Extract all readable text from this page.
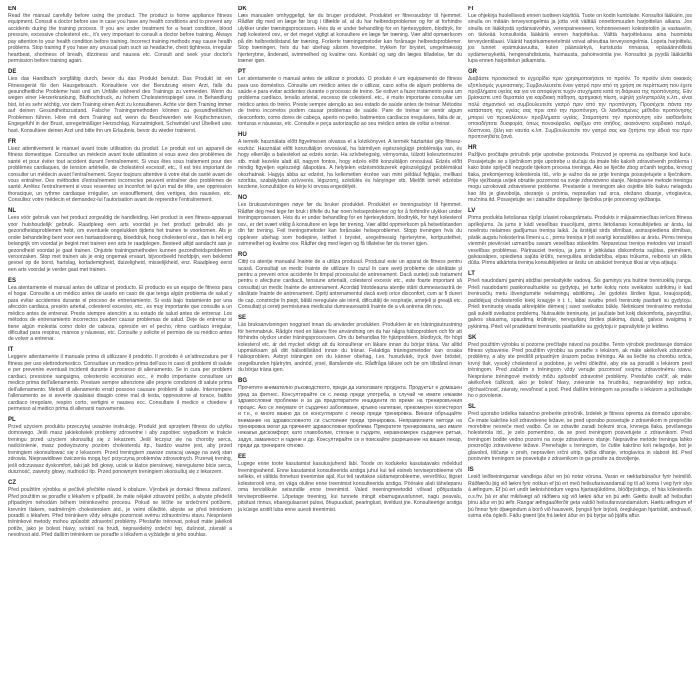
EN
Read the manual carefully before using the product. The product is home appliance fitness equipment. Consult a doctor before use in case you have any health conditions and to prevent any accidents during the training process. If you are under treatment for a heart condition, blood pressure, excessive cholesterol etc., it's very important to consult a doctor before training. Always pay attention to your health condition before training. Incorrect training methods may cause health problems. Stop training if you have any unusual pain such as headache, chest tightness, irregular heartbeat, shortness of breath, dizziness and nausea etc. Consult and seek your doctor's permission before training again.
DE
Lies das Handbuch sorgfältig durch, bevor du das Produkt benutzt. Das Produkt ist ein Fitnessgerät für den Hausgebrauch. Konsultiere vor der Benutzung einen Arzt, falls du gesundheitliche Probleme hast und um Unfälle während des Trainings zu vermeiden. Wenn du wegen einer Herzerkrankung, Bluthochdruck, zu hohem Cholesterinspiegel usw. in Behandlung bist, ist es sehr wichtig, vor dem Training einen Arzt zu konsultieren. Achte vor dem Training immer auf deinen Gesundheitszustand. Falsche Trainingsmethoden können zu gesundheitlichen Problemen führen. Höre mit dem Training auf, wenn du Beschwerden wie Kopfschmerzen, Engegefühl in der Brust, unregelmäßiger Herzschlag, Kurzatmigkeit, Schwindel und Übelkeit usw. hast. Konsultiere deinen Arzt und bitte ihn um Erlaubnis, bevor du wieder trainierst.
FR
Lisez attentivement le manuel avant toute utilisation du produit. Le produit est un appareil de fitness domestique. Consultez un médecin avant toute utilisation si vous avez des problèmes de santé et pour éviter tout accident durant l'entraînement. Si vous êtes sous traitement pour des problèmes cardiaques, de tension artérielle, de cholestérol excessif, etc., il est très important de consulter un médecin avant l'entraînement. Soyez toujours attentive à votre état de santé avant de vous entraîner. Des méthodes d'entraînement incorrectes peuvent entraîner des problèmes de santé. Arrêtez l'entraînement si vous ressentez un inconfort tel qu'un mal de tête, une oppression thoracique, un rythme cardiaque irrégulier, un essoufflement, des vertiges, des nausées, etc. Consultez votre médecin et demandez-lui l'autorisation avant de reprendre l'entraînement.
NL
Lees vóór gebruik van het product zorgvuldig de handleiding. Het product is een fitness-apparaat voor huishoudelijk gebruik. Raadpleeg een arts voordat je het product gebruikt als je gezondheidsproblemen hebt, om eventuele ongelukken tijdens het trainen te voorkomen. Als je onder behandeling bent voor een hartaandoening, bloeddruk, hoog cholesterol enz., dan is het erg belangrijk om voordat je begint met trainen een arts te raadplegen. Besteed altijd aandacht aan je gezondheid voordat je gaat trainen. Onjuiste trainingsmethoden kunnen gezondheidsproblemen veroorzaken. Stop met trainen als je enig ongemak ervaart, bijvoorbeeld hoofdpijn, een beklemd gevoel op de borst, hartslag, kortademigheid, duizeligheid, misselijkheid, enz. Raadpleeg eerst een arts voordat je verder gaat met trainen.
ES
Lea atentamente el manual antes de utilizar el producto. El producto es un equipo de fitness para el hogar. Consulte a un médico antes de usarlo en caso de que tenga algún problema de salud y para evitar accidentes durante el proceso de entrenamiento. Si está bajo tratamiento por una afección cardiaca, presión arterial, colesterol excesivo, etc., es muy importante que consulte a un médico antes de entrenar. Preste siempre atención a su estado de salud antes de entrenar. Los métodos de entrenamiento incorrectos pueden causar problemas de salud. Deje de entrenar si tiene algún molestia como dolor de cabeza, opresión en el pecho, ritmo cardíaco irregular, dificultad para respirar, mareos y náuseas, etc. Consulte y solicite el permiso de su médico antes de volver a entrenar.
IT
Leggere attentamente il manuale prima di utilizzare il prodotto. Il prodotto è un'attrezzatura per il fitness per uso elettrodomestico. Consultare un medico prima dell'uso in caso di problemi di salute e per prevenire eventuali incidenti durante il processo di allenamento. Se in cura per problemi cardiaci, pressione sanguigna, colesterolo eccessivo ecc., è molto importante consultare un medico prima dell'allenamento. Prestare sempre attenzione alle proprie condizioni di salute prima dell'allenamento. Metodi di allenamento errati possono causare problemi di salute. Interrompere l'allenamento se si avverte qualsiasi disagio come mal di testa, oppressione al torace, battito cardiaco irregolare, respiro corto, vertigini e nausea ecc. Consultare il medico e chiedere il permesso al medico prima di allenarsi nuovamente.
PL
Przed użyciem produktu przeczytaj uważnie instrukcję. Produkt jest sprzętem fitness do użytku domowego. Jeśli masz jakiekolwiek problemy zdrowotne i aby zapobiec wypadkom w trakcie treningu przed użyciem skonsultuj się z lekarzem. Jeśli leczysz się na choroby serca, nadciśnienie, masz podwyższony poziom cholesterolu itp., bardzo ważne jest, aby przed treningiem skonsultować się z lekarzem. Przed treningiem zawsze zwracaj uwagę na swój stan zdrowia. Nieprawidłowe ćwiczenia mogą być przyczyną problemów zdrowotnych. Przerwij trening, jeśli odczuwasz dyskomfort, taki jak ból głowy, ucisk w klatce piersiowej, nieregularne bicie serca, duszność, zawroty głowy, nudności itp. Przed ponownym treningiem skonsultuj się z lekarzem.
CZ
Před použitím výrobku si pečlivě přečtěte návod k obsluze. Výrobek je domácí fitness zařízení. Před použitím se poraďte s lékařem v případě, že máte nějaké zdravotní potíže, a abyste předešli případným nehodám během tréninkového procesu. Pokud se léčíte se srdečními potížemi, krevním tlakem, nadměrným cholesterolem atd., je velmi důležité, abyste se před tréninkem poradili s lékařem. Před tréninkem vždy věnujte pozornost svému zdravotnímu stavu. Nesprávné tréninkové metody mohou způsobit zdravotní problémy. Přestaňte trénovat, pokud máte jakékoli potíže, jako je bolest hlavy, svírání na hrudi, nepravidelný srdeční tep, dušnost, závratě a nevolnost atd. Před dalším tréninkem se poraďte s lékařem a vyžádejte si jeho souhlas.
DK
Læs manualen omhyggeligt, før du bruger produktet. Produktet er fitnessudstyr til hjemmet. Rådfør dig med en læge før brug i tilfælde af, at du har helbredsproblemer og for at forhindre ulykker under træningsprocessen. Hvis du er under behandling for en hjertesygdom, blodtryk, for højt kolesterol osv., er det meget vigtigt at konsultere en læge før træning. Vær altid opmærksom på din helbredstilstand før træning. Forkerte træningsmetoder kan forårsage helbredsproblemer. Stop træningen, hvis du har ubehag såsom hovedpine, trykken for brystet, uregelmæssig hjerterytme, åndenød, svimmelhed og kvalme osv. Kontakt og søg din læges tilladelse, før du træner igen.
PT
Ler atentamente o manual antes de utilizar o produto. O produto é um equipamento de fitness para uso doméstico. Consulte um médico antes de o utilizar, caso sofra de algum problema de saúde e para evitar acidentes durante o processo de treino. Se estiver a fazer tratamento para um problema cardíaco, tensão arterial, excesso de colesterol, etc., é muito importante consultar um médico antes do treino. Preste sempre atenção ao seu estado de saúde antes de treinar. Métodos de treino incorretos podem causar problemas de saúde. Pare de treinar se sentir algum desconforto, como dores de cabeça, aperto no peito, batimentos cardíacos irregulares, falta de ar, tonturas e náuseas, etc. Consulte e peça autorização ao seu médico antes de voltar a treinar.
HU
A termék használata előtt figyelmesen olvassa el a kézikönyvet. A termék háztartási gép fitnesz-eszköz. Használat előtt konzultáljon orvosával, ha bármilyen egészségügyi problémája van, és hogy elkerülje a balesteket az edzés során. Ha szívbetegség, vérnyomás, túlzott koleszterinszint stb. miatt kezelés alatt áll, nagyon fontos, hogy edzés előtt konzultáljon orvosával. Edzés előtt mindig figyeljen egészségi állapotára. A helytelen edzésmódszerek egészségügyi problémákat okozhatnak. Hagyja abba az edzést, ha kellemetlen érzése van mint például fejfájás, mellkasi szorítás, szabálytalan szívverés, légszomj, szédülés és hányinger stb. Mielőtt ismét edzésbe kezdene, konzultáljon és kérje ki orvosa engedélyét.
NO
Les bruksanvisningen nøye før du bruker produktet. Produktet er treningsutstyr til hjemmet. Rådfør deg med lege før bruk i tilfelle du har noen helseproblemer og for å forhindre ulykker under treningsprosessen. Hvis du er under behandling for en hjertesykdom, blodtrykk, for høyt kolesterol osv., er det svært viktig å konsultere en lege før trening. Vær alltid oppmerksom på helsetilstanden din før trening. Feil treningsmetoder kan forårsake helseproblemer. Stopp treningen hvis du opplever ubehag som hodepine, tetthet i brystet, uregelmessig hjerterytme, kortpustethet, svimmelhet og kvalme osv. Rådfør deg med legen og få tillatelse før du trener igjen.
RO
Citiți cu atenție manualul înainte de a utiliza produsul. Produsul este un aparat de fitness pentru acasă. Consultați un medic înainte de utilizare în cazul în care aveți probleme de sănătate și pentru a preveni orice accidente în timpul procesului de antrenament. Dacă sunteți sub tratament pentru o afecțiune cardiacă, tensiune arterială, colesterol excesiv etc., este foarte important să consultați un medic înainte de antrenament. Acordați întotdeauna atenție stării dumneavoastră de sănătate înainte de antrenament. Opriți antrenamentul dacă aveți orice disconfort, cum ar fi dureri de cap, constricție în piept, bătăi neregulate ale inimii, dificultăți de respirație, amețeli și greață etc. Consultați și cereți permisiunea medicului dumneavoastră înainte de a vă antrena din nou.
SE
Läs bruksanvisningen noggrant innan du använder produkten. Produkten är en träningsutrustning för hemmabruk. Rådgör med en läkare före användning om du har några hälsoproblem och för att förhindra olyckor under träningsprocessen. Om du behandlas för hjärtproblem, blodtryck, för högt kolesterol etc. är det mycket viktigt att du konsulterar en läkare innan du börjar träna. Var alltid uppmärksam på ditt hälsotillstånd innan du tränar. Felaktiga träningsmetoder kan orsaka hälsoproblem. Avbryt träningen om du känner obehag, t.ex. huvudvärk, tryck över bröstet, oregelbunden hjärtrytm, andnöd, yrsel, illamående etc. Rådfråga läkare och be om tillstånd innan du börjar träna igen.
BG
Прочетете внимателно ръководството, преди да използвате продукта. Продуктът е домашен уред за фитнес. Консултирайте се с лекар преди употреба, в случай че имате някакви здравословни проблеми и за да предотвратите инциденти по време на тренировъчния процес. Ако се лекувате от сърдечно заболяване, кръвно налягане, прекомерен холестерол и т.н., е много важно да се консултирате с лекар преди тренировка. Винаги обръщайте внимание на здравословното си състояние преди тренировка. Неправилните методи на тренировка могат да причинят здравословни проблеми. Прекратете тренировката, ако имате някакъв дискомфорт, като главоболие, стягане в гърдите, неравномерен сърдечен ритъм, задух, замаяност и гадене и др. Консултирайте се и поискайте разрешение на вашия лекар, преди да тренирате отново.
EE
Lugege enne toote kasutamist kasutusjuhend läbi. Toode on kodukeks kasutatavaks mõeldud treeningvahend. Enne kasutamist konsulteerida arstiga juhul kui teil esineb terviseprobleeme või selleks, et vältida õnnetusi treenimise ajal. Kui teil ravitakse südameprobleeme, vererõhku, liigset kolesterooli vms, on väga oluline enne treenimist konsulteerida arstiga. Pöörake alati tähelepanu oma tervislikule seisundile enne treenimist. Valed treeningmeetodid võivad põhjustada terviseprobleeme. Lõpetage treening, kui tunnete mingit ebamugavustunnet, nagu peavalu, pitsitust rinnus, ebaregulaarset pulssi, õhupuudust, pearinglust, iiveldust jne. Konsulteerige arstiga ja küsige arstilt luba enne uuesti treenimist.
FI
Lue ohjekirja huolellisesti ennen tuotteen käyttöä. Tuote on kodin kuntolaite. Konsultoi lääkärin, jos sinulla on mitään terveysongelmia ja jotta voit välttää onnettomuuden harjoittelun aikana. Jos sinulla on lääkitystä sydänvaivoihin, verenpaineeseen, kohonneeseen kolesteroliin ja vastaaviin, on tärkeää konsultoida lääkäriä ennen harjoittelua. Välttä harjoittelussa aina huomiota terveydentilaasi. Väärät harjoitusmenetelmät voivat aiheuttaa terveysongelmia. Lopeta harjoittelu, jos tunnet epämukavuutta, kuten päänsärkyä, kuristusta rinnassa, epäsäännöllistä sydämensykettä, hengenahdistusta, huimausta, pahoinvointia jne. Konsultoi ja pyydä lääkäriltä lupa ennen harjoittelun jatkamista.
GR
Διαβάστε προσεκτικά το εγχειρίδιο πριν χρησιμοποιήσετε το προϊόν. Το προϊόν είναι οικιακός εξοπλισμός γυμναστικής. Συμβουλευτείτε έναν γιατρό πριν από τη χρήση σε περίπτωση που έχετε προβλήματα υγείας και για να αποφύγετε τυχόν ατυχήματα κατά τη διάρκεια της προπόνησης. Εάν βρίσκεστε υπό θεραπεία για καρδιακή πάθηση, αρτηριακή πίεση, υψηλή χοληστερόλη κ.λπ., είναι πολύ σημαντικό να συμβουλευτείτε γιατρό πριν από την προπόνηση. Προσέχετε πάντα την κατάσταση της υγείας σας πριν από την προπόνηση. Οι λανθασμένες μέθοδοι προπόνησης μπορεί να προκαλέσουν προβλήματα υγείας. Σταματήστε την προπόνηση εάν αισθανθείτε οποιαδήποτε δυσφορία, όπως πονοκέφαλο, σφίξιμο στο στήθος, ακανόνιστο καρδιακό παλμό, δύσπνοια, ζάλη και ναυτία κ.λπ. Συμβουλευτείτε τον γιατρό σας και ζητήστε την άδειά του πριν προπονηθείτε ξανά.
HR
Pažljivo pročitajte priručnik prije upotrebe proizvoda. Proizvod je oprema za vježbanje kod kuće. Posavjetujte se s liječnikom prije upotrebe u slučaju da imate bilo kakvih zdravstvenih problema i kako biste spriječili nezgode tijekom procesa treninga. Ako se liječite zbog srčanih tegoba, krvnog tlaka, prekomjernog kolesterola itd., vrlo je važno da se prije treninga posavjetujete s liječnikom. Prije vježbanja uvijek obratite pozornost na svoje zdravstveno stanje. Neispravne metode treninga mogu uzrokovati zdravstvene probleme. Prestanite s treningom ako osjetite bilo kakvu nelagodu kao što je glavobolja, stezanje u prsima, nepravilan rad srca, otežano disanje, vrtoglavica, mučnina itd. Posavjetujte se i zatražite dopuštenje liječnika prije ponovnog vježbanja.
LV
Pirms produkta lietošanas rūpīgi izlasiet rokasgrāmatu. Produkts ir mājsaimniecības ierīces fitnesa aprīkojums. Ja jums ir kādi veselības traucējumi, pirms lietošanas konsultējieties ar ārstu, lai novērstu nelaimes gadījumus treniņa laikā. Ja ārstējat sirds slimības, asinsspiediena slimības, pārāk augstu holesterīna līmeni u.c., pirms treniņa ir ļoti svarīgi konsultēties ar ārstu. Pirms treniņa vienmēr pievērsiet uzmanību savam veselības stāvoklim. Nepareizas treniņa metodes var izraisīt veselības problēmas. Pārtrauciet treniņu, ja jums ir jebkādas diskomforta sajūtas, piemēram, galvassāpes, spiediena sajūta krūtīs, neregulāra sirdsdarbība, elpas trūkums, reibonis un slikta dūša. Pirms atkārtota treniņa konsultējieties ar ārstu un atsāciet treniņus tikai ar viņa atļauju.
LT
Prieš naudodami gaminį atidžiai perskaitykite vadovą. Šis gaminys yra buitinė treniruoklių įranga. Prieš naudodami pasikonsultuokite su gydytoju, jei turite kokių nors sveikatos sutrikimų ir kad treniruočių metu išvengtumėte nelaimingų atsitikimų. Jei gydotės širdies ligas, kraujospūdį, padidėjusį cholesterolio kiekį kraujyje ir t. t., labai svarbu prieš treniruotę pasitarti su gydytoju. Prieš treniruotę visada atkreipkite dėmesį į savo sveikatos būklę. Netinkami treniravimo metodai gali sukelti sveikatos problemų. Nutraukite treniruotę, jei jaučiate bet kokį diskomfortą, pavyzdžiui, galvos skausmą, spaudimą krūtinėje, nereguliarų širdies plakimą, dusulį, galvos svaigimą ir pykinimą. Prieš vėl pradėdami treniruotis pasitarkite su gydytoju ir paprašykite jo leidimo.
SK
Pred použitím výrobku si pozorne prečítajte návod na použitie. Tento výrobok predstavuje domáce fitness vybavenie. Pred použitím výrobku sa poraďte s lekárom, ak máte akékoľvek zdravotné problémy, a aby ste predišli prípadným úrazom počas tréningu. Ak sa liečite na chorobu srdca, krvný tlak, vysoký cholesterol a podobne, je veľmi dôležité, aby ste sa poradili s lekárom pred tréningom. Pred začatím s tréningom vždy venujte pozornosť svojmu zdravotnému stavu. Nesprávne tréningové metódy môžu spôsobiť zdravotné problémy. Prestaňte cvičiť, ak máte akékoľvek ťažkosti, ako je bolesť hlavy, zvieranie na hrudníku, nepravidelný tep srdca, dýchavičnosť, závraty, nevoľnosť a pod. Pred ďalším tréningom sa poraďte s lekárom a požiadajte ho o povolenie.
SL
Pred uporabo izdelka natančno preberite priročnik. Izdelek je fitness oprema za domačo uporabo. Če imate kakršne koli zdravstvene težave, se pred uporabo posvetujte z zdravnikom in preprečite morebitne nesreče med vadbo. Če se zdravite zaradi bolezni srca, krvnega tlaka, povišanega holesterola itd., je zelo pomembno, da se pred treningom posvetujete z zdravnikom. Pred treningom bodite vedno pozorni na svoje zdravstveno stanje. Nepravilne metode treninga lahko povzročijo zdravstvene težave. Prenehajte s treningom, če čutite kakršno koli nelagodje, kot je glavobol, tiščanje v prsih, nepravilen srčni utrip, težka dihanje, vrtoglavica in slabost itd. Pred ponovnim treningom se posvetujte z zdravnikom in ga prosite za dovoljenje.
IS
Lesið leiðbeiningarnar vandlega áður en þú notar vöruna. Varan er ræktarbúnaður fyrir heimilið. Ráðfærðu þig við lækni fyrir notkun ef þú ert með heilsufarsvandamál og til að koma í veg fyrir slys á æfingum. Ef þú ert undir læknishöndum vegna hjartasjúkdóms, blóðþrýstings, of hás kólesteróls o.s.frv. þá er afar mikilvægt að ráðfæra sig við lækni áður en þú æfir. Gættu ávallt að heilsufari þínu áður en þú æfir. Rangar æfingaaðferðir geta valdið heilsufarsvandamálum. Hættu æfingum ef þú finnur fyrir óþægindum á borð við hausverk, þyngsli fyrir brjósti, óreglulegan hjartslátt, andnauð, svima eða ógleði. Fáðu grænt ljós frá lækni áður en þú byrjar að þjálfa aftur.
